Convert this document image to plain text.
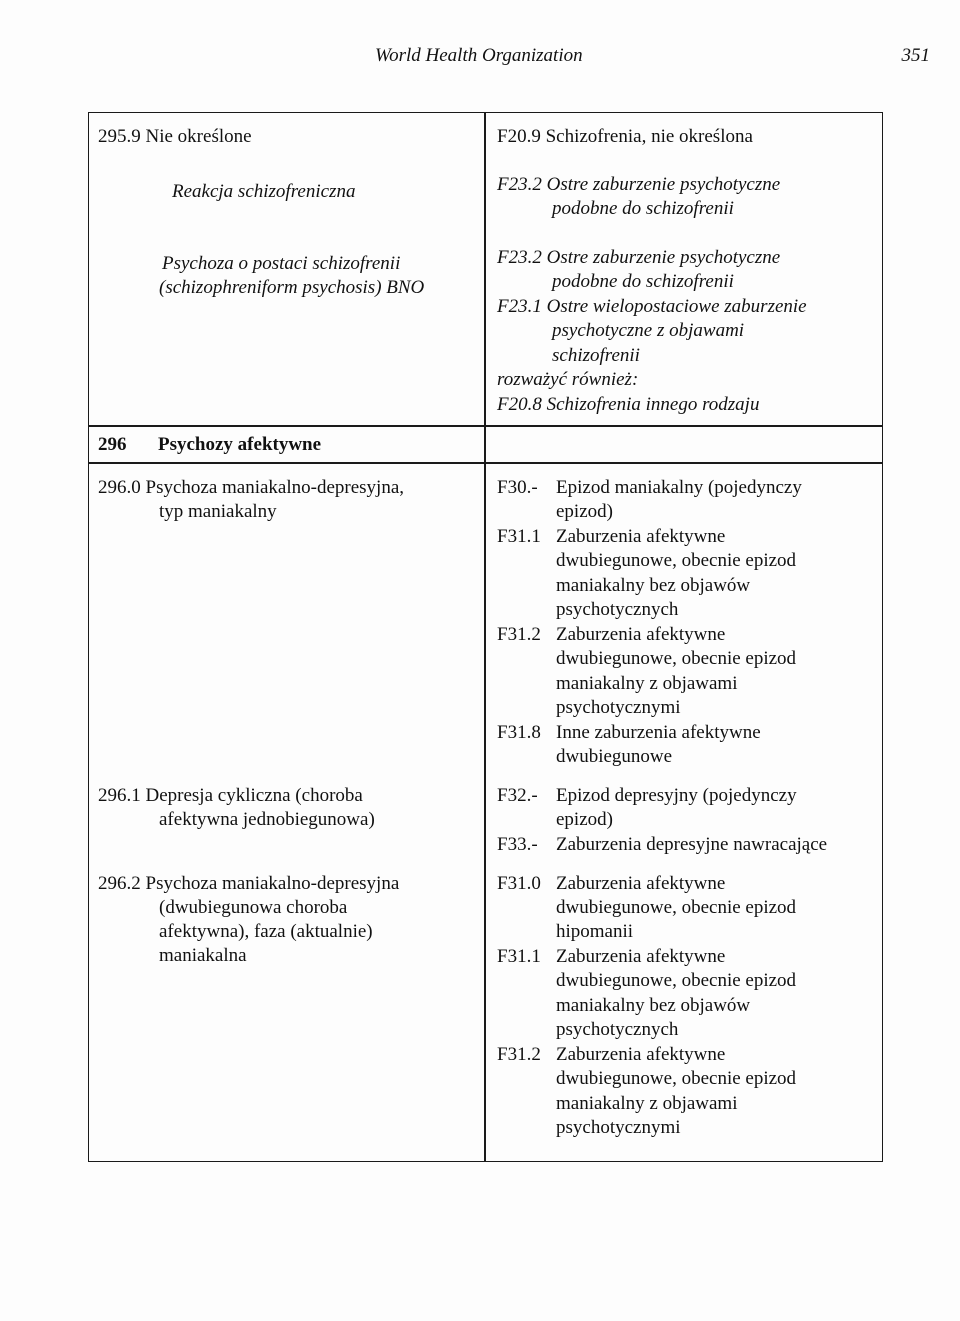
World Health Organization	351
295.9 Nie określone
Reakcja schizofreniczna
Psychoza o postaci schizofrenii
(schizophreniform psychosis) BNO
296 Psychozy afektywne
296.0 Psychoza maniakalno-depresyjna,
typ maniakalny
296.1 Depresja cykliczna (choroba
afektywna jednobiegunowa)
296.2 Psychoza maniakalno-depresyjna
(dwubiegunowa choroba
afektywna), faza (aktualnie)
maniakalna
F20.9 Schizofrenia, nie określona
F23.2 Ostre zaburzenie psychotyczne
podobne do schizofrenii
F23.2 Ostre zaburzenie psychotyczne
podobne do schizofrenii
F23.1 Ostre wielopostaciowe zaburzenie
psychotyczne z objawami
schizofrenii
rozważyć również:
F20.8 Schizofrenia innego rodzaju
F30.- Epizod maniakalny (pojedynczy
epizod)
F31.1 Zaburzenia afektywne
dwubiegunowe, obecnie epizod
maniakalny bez objawów
psychotycznych
F31.2 Zaburzenia afektywne
dwubiegunowe, obecnie epizod
maniakalny z objawami
psychotycznymi
F31.8 Inne zaburzenia afektywne
dwubiegunowe
F32.- Epizod depresyjny (pojedynczy
epizod)
F33.- Zaburzenia depresyjne nawracające
F31.0 Zaburzenia afektywne
dwubiegunowe, obecnie epizod
hipomanii
F31.1 Zaburzenia afektywne
dwubiegunowe, obecnie epizod
maniakalny bez objawów
psychotycznych
F31.2 Zaburzenia afektywne
dwubiegunowe, obecnie epizod
maniakalny z objawami
psychotycznymi
